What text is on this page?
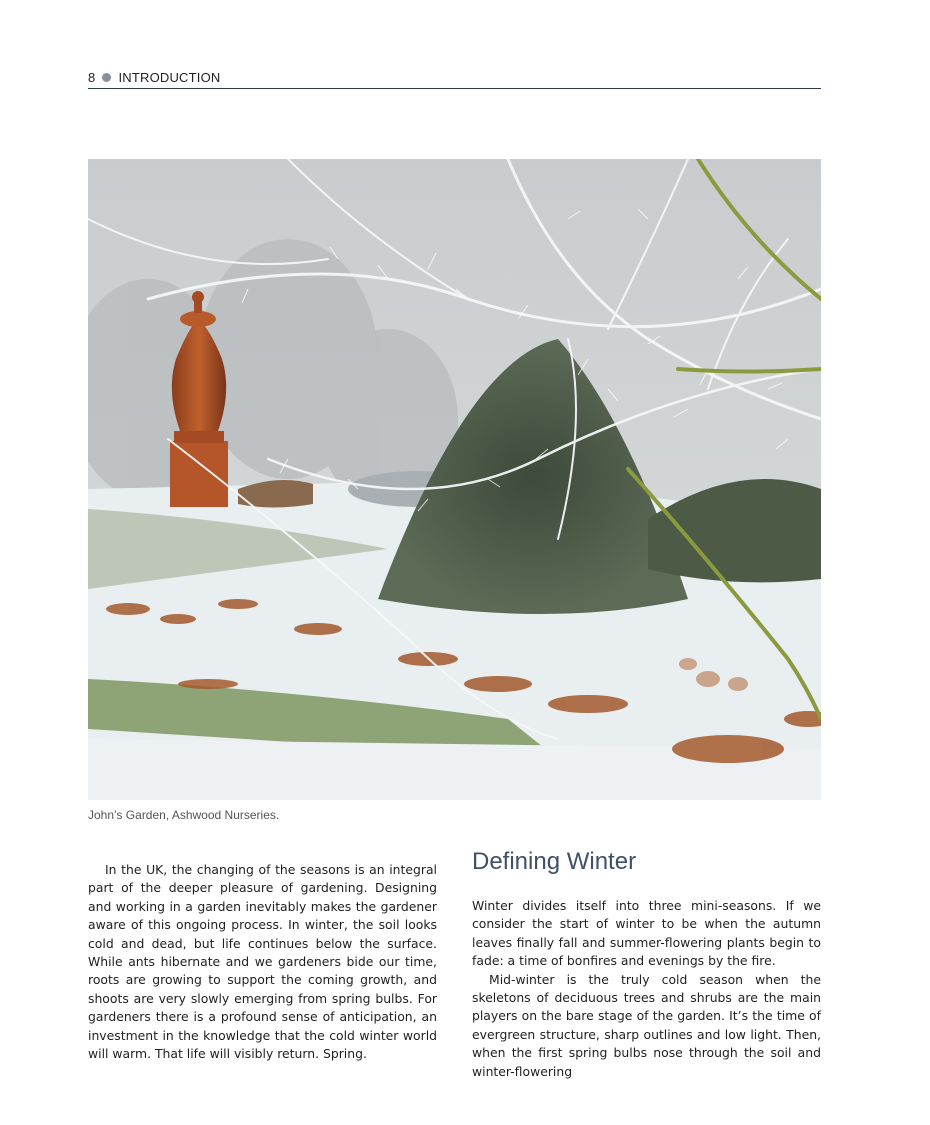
8 INTRODUCTION
John’s Garden, Ashwood Nurseries.

In the UK, the changing of the seasons is an integral part of the deeper pleasure of gardening. Designing and working in a garden inevitably makes the gardener aware of this ongoing process. In winter, the soil looks cold and dead, but life continues below the surface. While ants hibernate and we gardeners bide our time, roots are growing to support the coming growth, and shoots are very slowly emerging from spring bulbs. For gardeners there is a profound sense of anticipation, an investment in the knowledge that the cold winter world will warm. That life will visibly return. Spring.

Defining Winter

Winter divides itself into three mini-seasons. If we consider the start of winter to be when the autumn leaves finally fall and summer-flowering plants begin to fade: a time of bonfires and evenings by the fire.

Mid-winter is the truly cold season when the skeletons of deciduous trees and shrubs are the main players on the bare stage of the garden. It’s the time of evergreen structure, sharp outlines and low light. Then, when the first spring bulbs nose through the soil and winter-flowering
